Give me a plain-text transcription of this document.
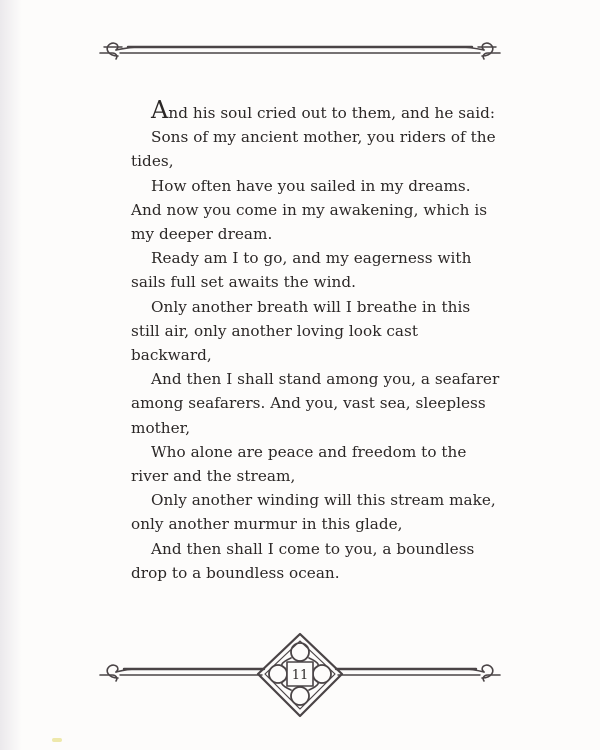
And his soul cried out to them, and he said:

Sons of my ancient mother, you riders of the tides,

How often have you sailed in my dreams. And now you come in my awakening, which is my deeper dream.

Ready am I to go, and my eagerness with sails full set awaits the wind.

Only another breath will I breathe in this still air, only another loving look cast backward,

And then I shall stand among you, a seafarer among seafarers. And you, vast sea, sleepless mother,

Who alone are peace and freedom to the river and the stream,

Only another winding will this stream make, only another murmur in this glade,

And then shall I come to you, a boundless drop to a boundless ocean.

11
